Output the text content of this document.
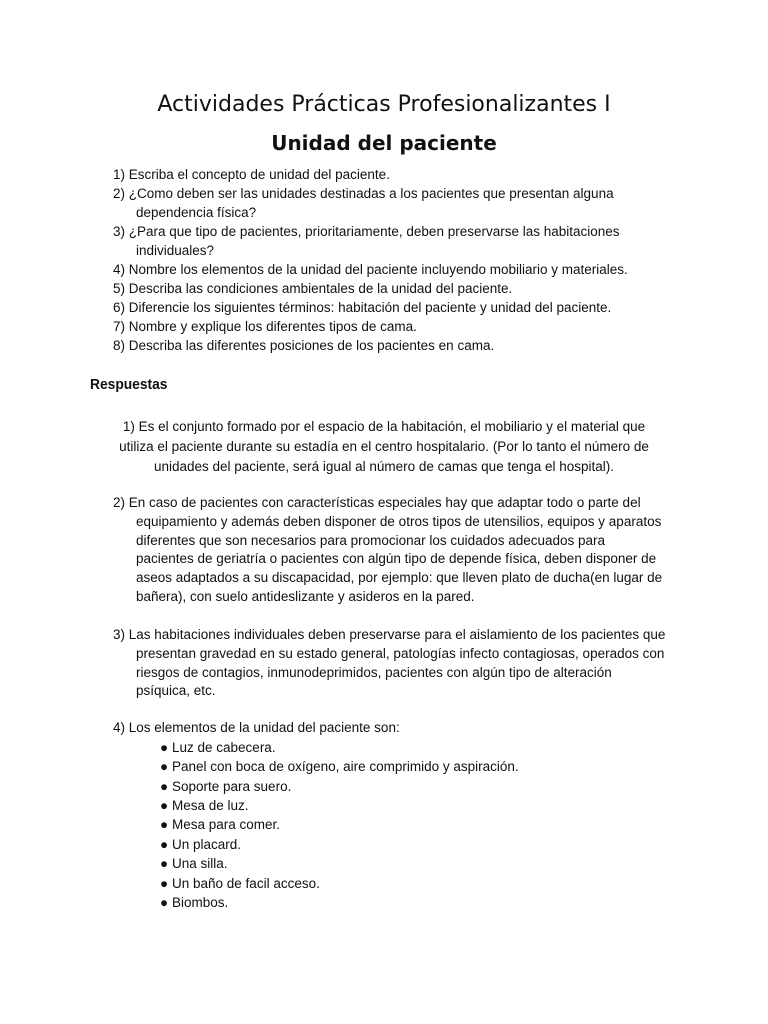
Actividades Prácticas Profesionalizantes I
Unidad del paciente
1) Escriba el concepto de unidad del paciente.
2) ¿Como deben ser las unidades destinadas a los pacientes que presentan alguna
dependencia física?
3) ¿Para que tipo de pacientes, prioritariamente, deben preservarse las habitaciones
individuales?
4) Nombre los elementos de la unidad del paciente incluyendo mobiliario y materiales.
5) Describa las condiciones ambientales de la unidad del paciente.
6) Diferencie los siguientes términos: habitación del paciente y unidad del paciente.
7) Nombre y explique los diferentes tipos de cama.
8) Describa las diferentes posiciones de los pacientes en cama.
Respuestas
1) Es el conjunto formado por el espacio de la habitación, el mobiliario y el material que
utiliza el paciente durante su estadía en el centro hospitalario. (Por lo tanto el número de
unidades del paciente, será igual al número de camas que tenga el hospital).
2) En caso de pacientes con características especiales hay que adaptar todo o parte del
equipamiento y además deben disponer de otros tipos de utensilios, equipos y aparatos
diferentes que son necesarios para promocionar los cuidados adecuados para
pacientes de geriatría o pacientes con algún tipo de depende física, deben disponer de
aseos adaptados a su discapacidad, por ejemplo: que lleven plato de ducha(en lugar de
bañera), con suelo antideslizante y asideros en la pared.
3) Las habitaciones individuales deben preservarse para el aislamiento de los pacientes que
presentan gravedad en su estado general, patologías infecto contagiosas, operados con
riesgos de contagios, inmunodeprimidos, pacientes con algún tipo de alteración
psíquica, etc.
4) Los elementos de la unidad del paciente son:
● Luz de cabecera.
● Panel con boca de oxígeno, aire comprimido y aspiración.
● Soporte para suero.
● Mesa de luz.
● Mesa para comer.
● Un placard.
● Una silla.
● Un baño de facil acceso.
● Biombos.
